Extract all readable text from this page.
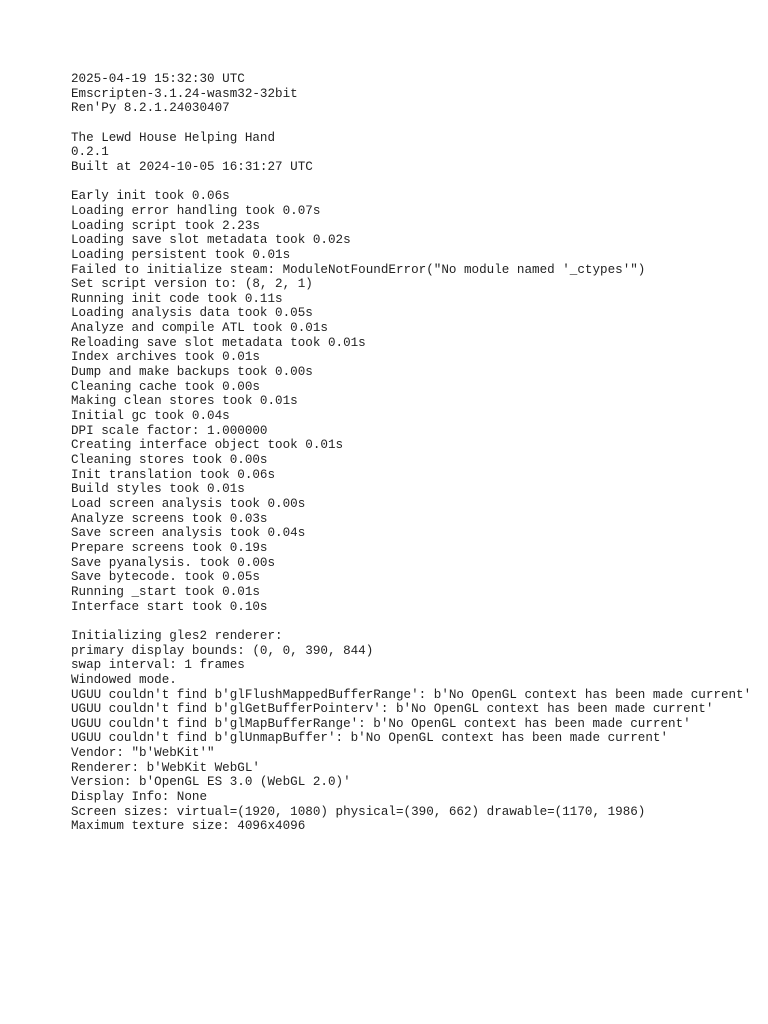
2025-04-19 15:32:30 UTC
Emscripten-3.1.24-wasm32-32bit
Ren'Py 8.2.1.24030407
The Lewd House Helping Hand
0.2.1
Built at 2024-10-05 16:31:27 UTC
Early init took 0.06s
Loading error handling took 0.07s
Loading script took 2.23s
Loading save slot metadata took 0.02s
Loading persistent took 0.01s
Failed to initialize steam: ModuleNotFoundError("No module named '_ctypes'")
Set script version to: (8, 2, 1)
Running init code took 0.11s
Loading analysis data took 0.05s
Analyze and compile ATL took 0.01s
Reloading save slot metadata took 0.01s
Index archives took 0.01s
Dump and make backups took 0.00s
Cleaning cache took 0.00s
Making clean stores took 0.01s
Initial gc took 0.04s
DPI scale factor: 1.000000
Creating interface object took 0.01s
Cleaning stores took 0.00s
Init translation took 0.06s
Build styles took 0.01s
Load screen analysis took 0.00s
Analyze screens took 0.03s
Save screen analysis took 0.04s
Prepare screens took 0.19s
Save pyanalysis. took 0.00s
Save bytecode. took 0.05s
Running _start took 0.01s
Interface start took 0.10s
Initializing gles2 renderer:
primary display bounds: (0, 0, 390, 844)
swap interval: 1 frames
Windowed mode.
UGUU couldn't find b'glFlushMappedBufferRange': b'No OpenGL context has been made current'
UGUU couldn't find b'glGetBufferPointerv': b'No OpenGL context has been made current'
UGUU couldn't find b'glMapBufferRange': b'No OpenGL context has been made current'
UGUU couldn't find b'glUnmapBuffer': b'No OpenGL context has been made current'
Vendor: "b'WebKit'"
Renderer: b'WebKit WebGL'
Version: b'OpenGL ES 3.0 (WebGL 2.0)'
Display Info: None
Screen sizes: virtual=(1920, 1080) physical=(390, 662) drawable=(1170, 1986)
Maximum texture size: 4096x4096
